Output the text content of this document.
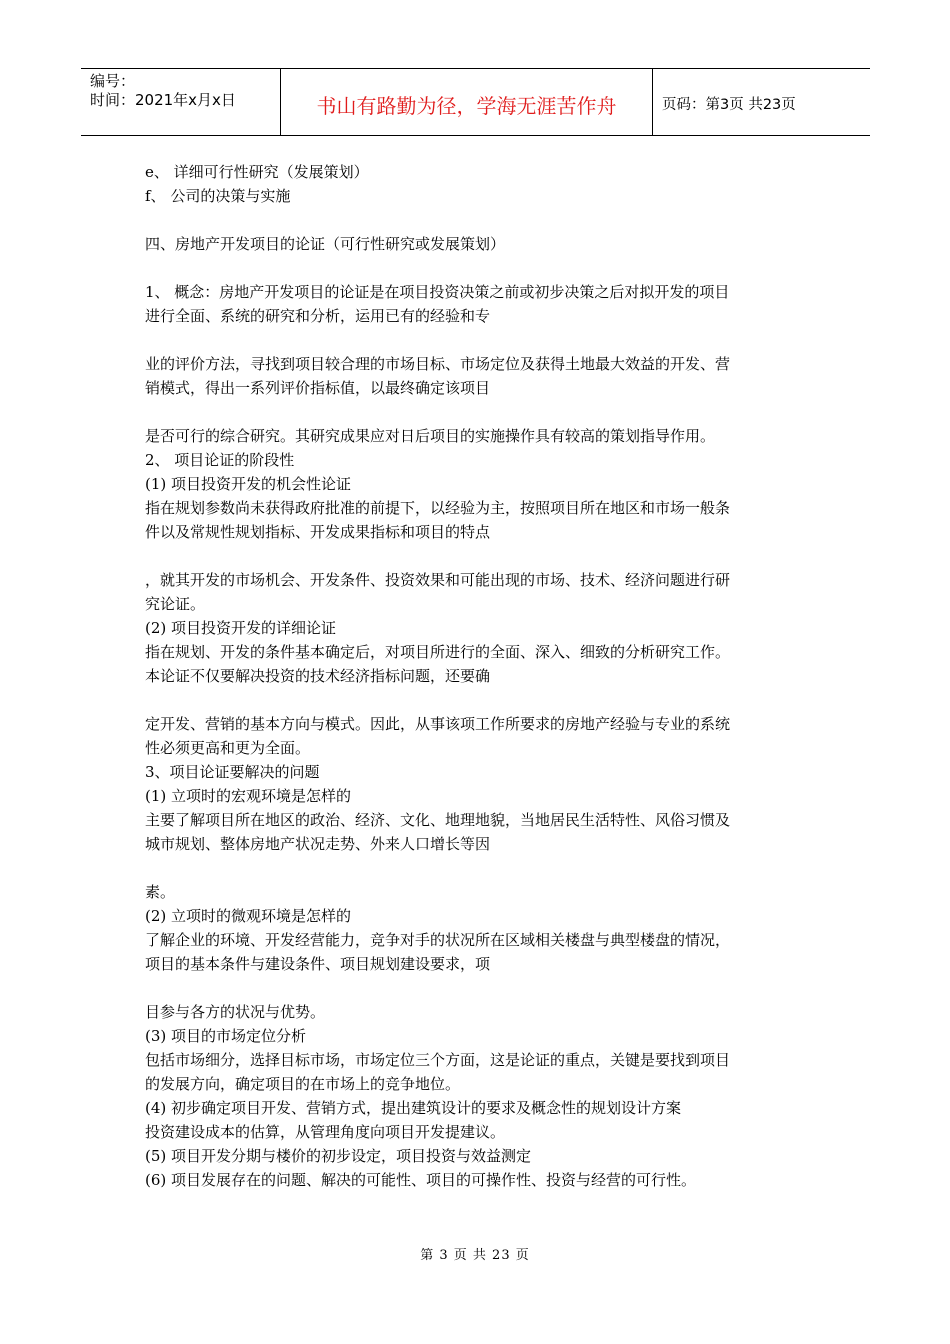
编号：
时间：2021年x月x日	书山有路勤为径，学海无涯苦作舟	页码：第3页 共23页
e、 详细可行性研究（发展策划）
f、 公司的决策与实施
四、房地产开发项目的论证（可行性研究或发展策划）
1、 概念：房地产开发项目的论证是在项目投资决策之前或初步决策之后对拟开发的项目
进行全面、系统的研究和分析，运用已有的经验和专
业的评价方法，寻找到项目较合理的市场目标、市场定位及获得土地最大效益的开发、营
销模式，得出一系列评价指标值，以最终确定该项目
是否可行的综合研究。其研究成果应对日后项目的实施操作具有较高的策划指导作用。
2、 项目论证的阶段性
(1) 项目投资开发的机会性论证
指在规划参数尚未获得政府批准的前提下，以经验为主，按照项目所在地区和市场一般条
件以及常规性规划指标、开发成果指标和项目的特点
，就其开发的市场机会、开发条件、投资效果和可能出现的市场、技术、经济问题进行研
究论证。
(2) 项目投资开发的详细论证
指在规划、开发的条件基本确定后，对项目所进行的全面、深入、细致的分析研究工作。
本论证不仅要解决投资的技术经济指标问题，还要确
定开发、营销的基本方向与模式。因此，从事该项工作所要求的房地产经验与专业的系统
性必须更高和更为全面。
3、项目论证要解决的问题
(1) 立项时的宏观环境是怎样的
主要了解项目所在地区的政治、经济、文化、地理地貌，当地居民生活特性、风俗习惯及
城市规划、整体房地产状况走势、外来人口增长等因
素。
(2) 立项时的微观环境是怎样的
了解企业的环境、开发经营能力，竞争对手的状况所在区域相关楼盘与典型楼盘的情况，
项目的基本条件与建设条件、项目规划建设要求，项
目参与各方的状况与优势。
(3) 项目的市场定位分析
包括市场细分，选择目标市场，市场定位三个方面，这是论证的重点，关键是要找到项目
的发展方向，确定项目的在市场上的竞争地位。
(4) 初步确定项目开发、营销方式，提出建筑设计的要求及概念性的规划设计方案
投资建设成本的估算，从管理角度向项目开发提建议。
(5) 项目开发分期与楼价的初步设定，项目投资与效益测定
(6) 项目发展存在的问题、解决的可能性、项目的可操作性、投资与经营的可行性。
第 3 页 共 23 页
